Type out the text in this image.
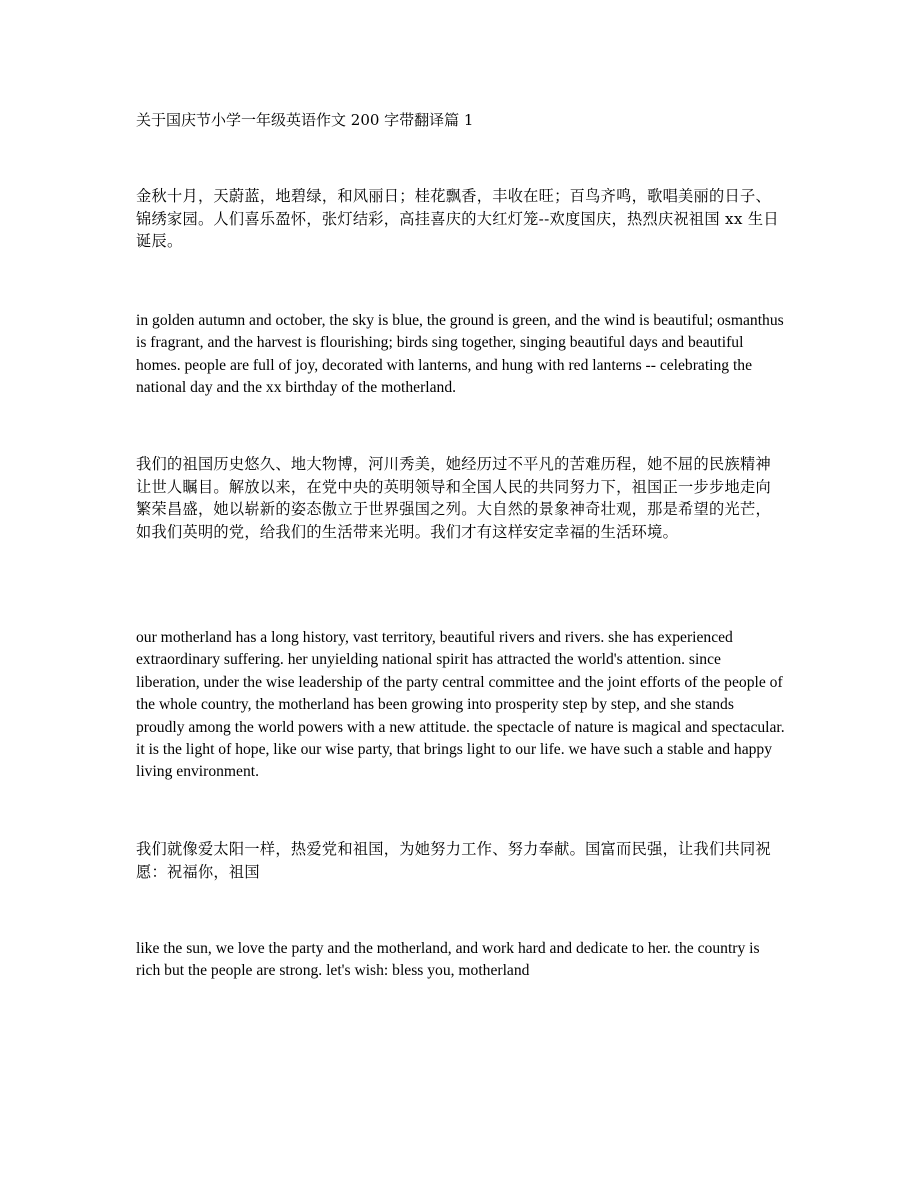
关于国庆节小学一年级英语作文 200 字带翻译篇 1

金秋十月，天蔚蓝，地碧绿，和风丽日；桂花飘香，丰收在旺；百鸟齐鸣，歌唱美丽的日子、锦绣家园。人们喜乐盈怀，张灯结彩，高挂喜庆的大红灯笼--欢度国庆，热烈庆祝祖国 xx 生日诞辰。

in golden autumn and october, the sky is blue, the ground is green, and the wind is beautiful; osmanthus is fragrant, and the harvest is flourishing; birds sing together, singing beautiful days and beautiful homes. people are full of joy, decorated with lanterns, and hung with red lanterns -- celebrating the national day and the xx birthday of the motherland.

我们的祖国历史悠久、地大物博，河川秀美，她经历过不平凡的苦难历程，她不屈的民族精神让世人瞩目。解放以来，在党中央的英明领导和全国人民的共同努力下，祖国正一步步地走向繁荣昌盛，她以崭新的姿态傲立于世界强国之列。大自然的景象神奇壮观，那是希望的光芒，如我们英明的党，给我们的生活带来光明。我们才有这样安定幸福的生活环境。

our motherland has a long history, vast territory, beautiful rivers and rivers. she has experienced extraordinary suffering. her unyielding national spirit has attracted the world's attention. since liberation, under the wise leadership of the party central committee and the joint efforts of the people of the whole country, the motherland has been growing into prosperity step by step, and she stands proudly among the world powers with a new attitude. the spectacle of nature is magical and spectacular. it is the light of hope, like our wise party, that brings light to our life. we have such a stable and happy living environment.

我们就像爱太阳一样，热爱党和祖国，为她努力工作、努力奉献。国富而民强，让我们共同祝愿：祝福你，祖国

like the sun, we love the party and the motherland, and work hard and dedicate to her. the country is rich but the people are strong. let's wish: bless you, motherland
